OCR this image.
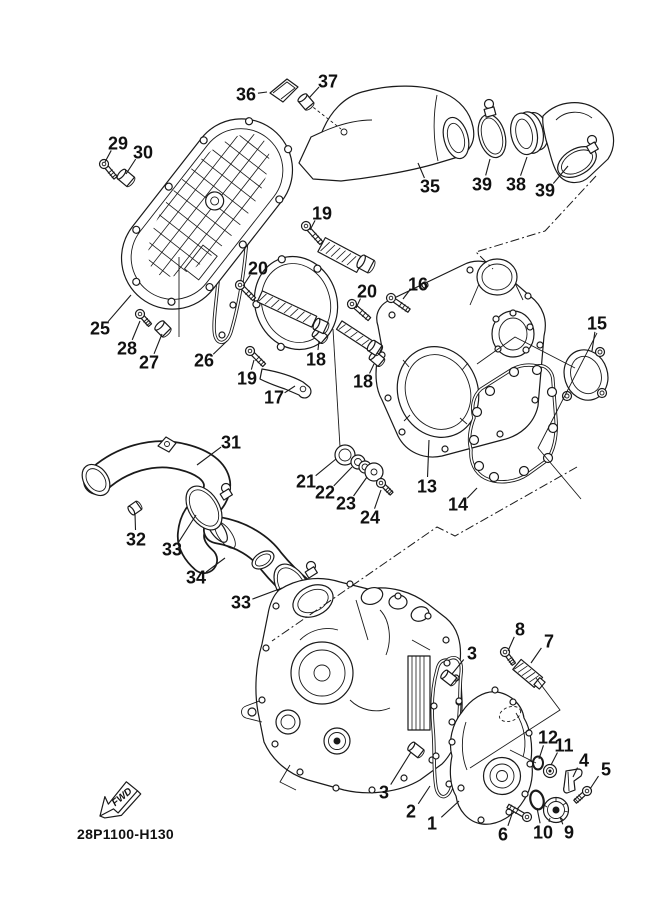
FWD
28P1100-H130
1
2
3
3
4 5
6
7
8
9
10
11
12
13
14
15
16
17
18
18
19
19
20
20
21
22
23
24
25
26
27
28
29 30
31
32 33
33
34
35
36
37
38
39 39
